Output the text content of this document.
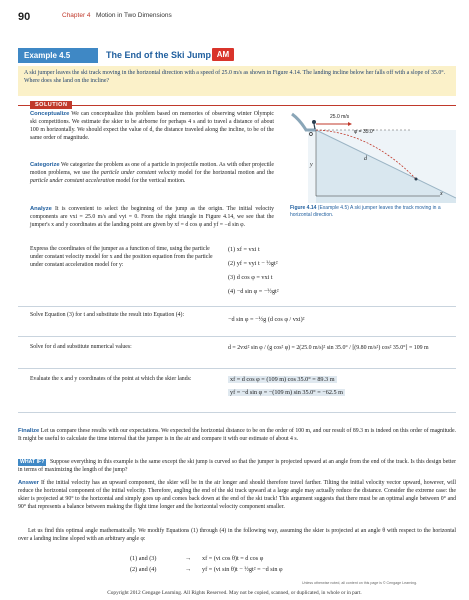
90	Chapter 4 Motion in Two Dimensions
Example 4.5	The End of the Ski Jump AM
A ski jumper leaves the ski track moving in the horizontal direction with a speed of 25.0 m/s as shown in Figure 4.14. The landing incline below her falls off with a slope of 35.0°. Where does she land on the incline?
SOLUTION
Conceptualize We can conceptualize this problem based on memories of observing winter Olympic ski competitions. We estimate the skier to be airborne for perhaps 4 s and to travel a distance of about 100 m horizontally. We should expect the value of d, the distance traveled along the incline, to be of the same order of magnitude.
Categorize We categorize the problem as one of a particle in projectile motion. As with other projectile motion problems, we use the particle under constant velocity model for the horizontal motion and the particle under constant acceleration model for the vertical motion.
Analyze It is convenient to select the beginning of the jump as the origin. The initial velocity components are vxi = 25.0 m/s and vyi = 0. From the right triangle in Figure 4.14, we see that the jumper's x and y coordinates at the landing point are given by xf = d cos φ and yf = −d sin φ.
25.0 m/s
φ = 35.0°
O
d
x
y
Figure 4.14 (Example 4.5) A ski jumper leaves the track moving in a horizontal direction.
Express the coordinates of the jumper as a function of time, using the particle under constant velocity model for x and the position equation from the particle under constant acceleration model for y:
(1) xf = vxi t
(2) yf = vyi t − ½gt²
(3) d cos φ = vxi t
(4) −d sin φ = −½gt²
Solve Equation (3) for t and substitute the result into Equation (4):
−d sin φ = −½g (d cos φ / vxi)²
Solve for d and substitute numerical values:	d = 2vxi² sin φ / (g cos² φ) = 2(25.0 m/s)² sin 35.0° / [(9.80 m/s²) cos² 35.0°] = 109 m
Evaluate the x and y coordinates of the point at which the skier lands:	xf = d cos φ = (109 m) cos 35.0° = 89.3 m
yf = −d sin φ = −(109 m) sin 35.0° = −62.5 m
Finalize Let us compare these results with our expectations. We expected the horizontal distance to be on the order of 100 m, and our result of 89.3 m is indeed on this order of magnitude. It might be useful to calculate the time interval that the jumper is in the air and compare it with our estimate of about 4 s.
WHAT IF? Suppose everything in this example is the same except the ski jump is curved so that the jumper is projected upward at an angle from the end of the track. Is this design better in terms of maximizing the length of the jump?
Answer If the initial velocity has an upward component, the skier will be in the air longer and should therefore travel farther. Tilting the initial velocity vector upward, however, will reduce the horizontal component of the initial velocity. Therefore, angling the end of the ski track upward at a large angle may actually reduce the distance. Consider the extreme case: the skier is projected at 90° to the horizontal and simply goes up and comes back down at the end of the ski track! This argument suggests that there must be an optimal angle between 0° and 90° that represents a balance between making the flight time longer and the horizontal velocity component smaller.
Let us find this optimal angle mathematically. We modify Equations (1) through (4) in the following way, assuming the skier is projected at an angle θ with respect to the horizontal over a landing incline sloped with an arbitrary angle φ:
(1) and (3)	→ xf = (vi cos θ)t = d cos φ
(2) and (4)	→ yf = (vi sin θ)t − ½gt² = −d sin φ
Unless otherwise noted, all content on this page is © Cengage Learning.
Copyright 2012 Cengage Learning. All Rights Reserved. May not be copied, scanned, or duplicated, in whole or in part.
